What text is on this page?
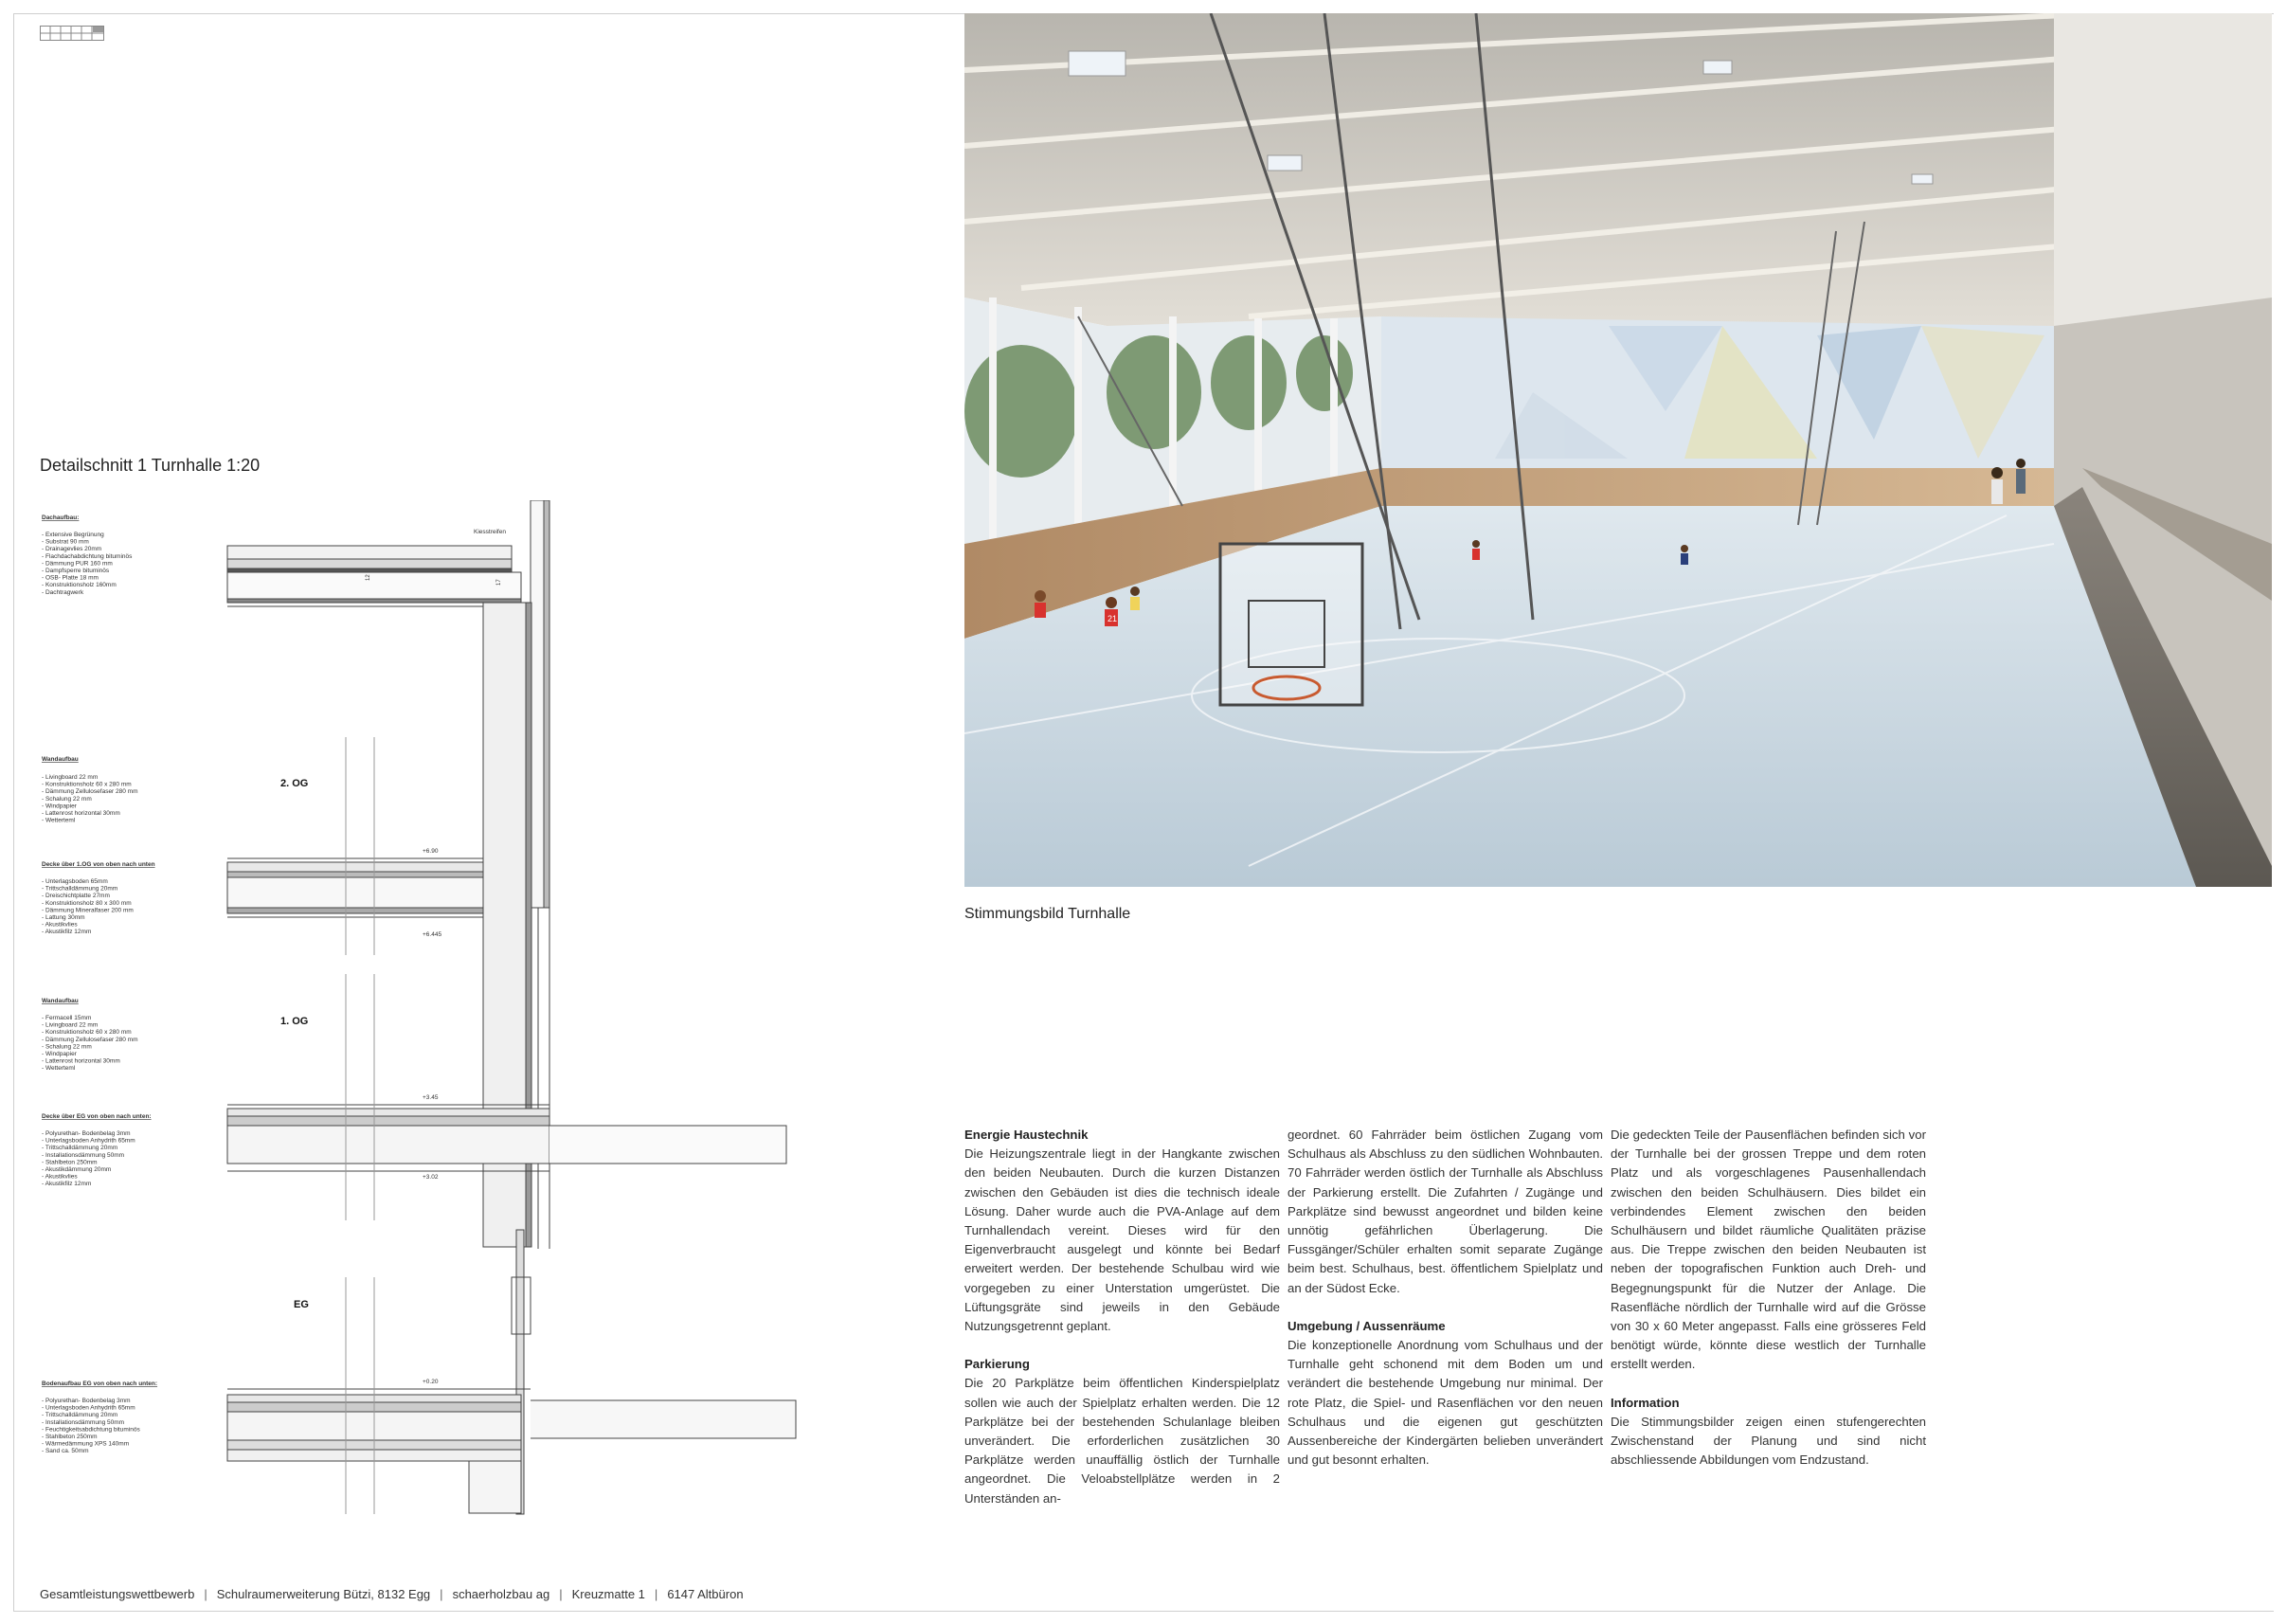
Detailschnitt 1 Turnhalle 1:20
Dachaufbau:
- Extensive Begrünung
- Substrat 90 mm
- Drainagevlies 20mm
- Flachdachabdichtung bituminös
- Dämmung PUR 160 mm
- Dampfsperre bituminös
- OSB- Platte 18 mm
- Konstruktionsholz 160mm
- Dachtragwerk
Kiesstreifen
17
12
Wandaufbau
- Livingboard 22 mm
- Konstruktionsholz 60 x 280 mm
- Dämmung Zellulosefaser 280 mm
- Schalung 22 mm
- Windpapier
- Lattenrost horizontal 30mm
- Wetterteml
Decke über 1.OG von oben nach unten
- Unterlagsboden 65mm
- Trittschalldämmung 20mm
- Dreischichtplatte 27mm
- Konstruktionsholz 80 x 300 mm
- Dämmung Mineralfaser 200 mm
- Lattung 30mm
- Akustikvlies
- Akustikfilz 12mm
2. OG
+6.90
+6.445
Wandaufbau
- Fermacell 15mm
- Livingboard 22 mm
- Konstruktionsholz 60 x 280 mm
- Dämmung Zellulosefaser 280 mm
- Schalung 22 mm
- Windpapier
- Lattenrost horizontal 30mm
- Wetterteml
Decke über EG von oben nach unten:
- Polyurethan- Bodenbelag 3mm
- Unterlagsboden Anhydrith 65mm
- Trittschalldämmung 20mm
- Installationsdämmung 50mm
- Stahlbeton 250mm
- Akustikdämmung 20mm
- Akustikvlies
- Akustikfilz 12mm
1. OG
+3.45
+3.02
Bodenaufbau EG von oben nach unten:
- Polyurethan- Bodenbelag 3mm
- Unterlagsboden Anhydrith 65mm
- Trittschalldämmung 20mm
- Installationsdämmung 50mm
- Feuchtigkeitsabdichtung bituminös
- Stahlbeton 250mm
- Wärmedämmung XPS 140mm
- Sand ca. 50mm
EG
+0.20
21
Stimmungsbild Turnhalle
Energie Haustechnik

Die Heizungszentrale liegt in der Hangkante zwischen den beiden Neubauten. Durch die kurzen Distanzen zwischen den Gebäuden ist dies die technisch ideale Lösung. Daher wurde auch die PVA-Anlage auf dem Turnhallendach vereint. Dieses wird für den Eigenverbraucht ausgelegt und könnte bei Bedarf erweitert werden. Der bestehende Schulbau wird wie vorgegeben zu einer Unterstation umgerüstet. Die Lüftungsgräte sind jeweils in den Gebäude Nutzungsgetrennt geplant.

Parkierung

Die 20 Parkplätze beim öffentlichen Kinderspielplatz sollen wie auch der Spielplatz erhalten werden. Die 12 Parkplätze bei der bestehenden Schulanlage bleiben unverändert. Die erforderlichen zusätzlichen 30 Parkplätze werden unauffällig östlich der Turnhalle angeordnet. Die Veloabstellplätze werden in 2 Unterständen an-

geordnet. 60 Fahrräder beim östlichen Zugang vom Schulhaus als Abschluss zu den südlichen Wohnbauten. 70 Fahrräder werden östlich der Turnhalle als Abschluss der Parkierung erstellt. Die Zufahrten / Zugänge und Parkplätze sind bewusst angeordnet und bilden keine unnötig gefährlichen Überlagerung. Die Fussgänger/Schüler erhalten somit separate Zugänge beim best. Schulhaus, best. öffentlichem Spielplatz und an der Südost Ecke.

Umgebung / Aussenräume

Die konzeptionelle Anordnung vom Schulhaus und der Turnhalle geht schonend mit dem Boden um und verändert die bestehende Umgebung nur minimal. Der rote Platz, die Spiel- und Rasenflächen vor den neuen Schulhaus und die eigenen gut geschützten Aussenbereiche der Kindergärten belieben unverändert und gut besonnt erhalten.

Die gedeckten Teile der Pausenflächen befinden sich vor der Turnhalle bei der grossen Treppe und dem roten Platz und als vorgeschlagenes Pausenhallendach zwischen den beiden Schulhäusern. Dies bildet ein verbindendes Element zwischen den beiden Schulhäusern und bildet räumliche Qualitäten präzise aus. Die Treppe zwischen den beiden Neubauten ist neben der topografischen Funktion auch Dreh- und Begegnungspunkt für die Nutzer der Anlage. Die Rasenfläche nördlich der Turnhalle wird auf die Grösse von 30 x 60 Meter angepasst. Falls eine grösseres Feld benötigt würde, könnte diese westlich der Turnhalle erstellt werden.

Information

Die Stimmungsbilder zeigen einen stufengerechten Zwischenstand der Planung und sind nicht abschliessende Abbildungen vom Endzustand.

Gesamtleistungswettbewerb | Schulraumerweiterung Bützi, 8132 Egg | schaerholzbau ag | Kreuzmatte 1 | 6147 Altbüron
